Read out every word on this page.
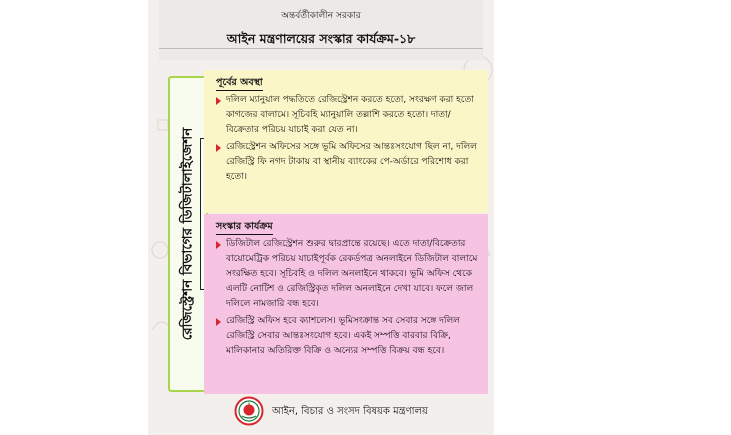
অন্তর্বর্তীকালীন সরকার
আইন মন্ত্রণালয়ের সংস্কার কার্যক্রম-১৮
রেজিস্ট্রেশন বিভাগের ডিজিটালাইজেশন
পূর্বের অবস্থা
দলিল ম্যানুয়াল পদ্ধতিতে রেজিস্ট্রেশন করতে হতো, সংরক্ষণ করা হতো কাগজের বালামে। সূচিবহি ম্যানুয়ালি তল্লাশি করতে হতো। দাতা/বিক্রেতার পরিচয় যাচাই করা যেত না।
রেজিস্ট্রেশন অফিসের সঙ্গে ভূমি অফিসের আন্তঃসংযোগ ছিল না, দলিল রেজিস্ট্রি ফি নগদ টাকায় বা স্থানীয় ব্যাংকের পে-অর্ডারে পরিশোধ করা হতো।
সংস্কার কার্যক্রম
ডিজিটাল রেজিস্ট্রেশন শুরুর দ্বারপ্রান্তে রয়েছে। এতে দাতা/বিক্রেতার বায়োমেট্রিক পরিচয় যাচাইপূর্বক রেকর্ডপত্র অনলাইনে ডিজিটাল বালামে সংরক্ষিত হবে। সূচিবহি ও দলিল অনলাইনে থাকবে। ভূমি অফিস থেকে এলটি নোটিশ ও রেজিস্ট্রিকৃত দলিল অনলাইনে দেখা যাবে। ফলে জাল দলিলে নামজারি বন্ধ হবে।
রেজিস্ট্রি অফিস হবে ক্যাশলেস। ভূমিসংক্রান্ত সব সেবার সঙ্গে দলিল রেজিস্ট্রি সেবার আন্তঃসংযোগ হবে। একই সম্পত্তি বারবার বিক্রি, মালিকানার অতিরিক্ত বিক্রি ও অন্যের সম্পত্তি বিক্রয় বন্ধ হবে।
আইন, বিচার ও সংসদ বিষয়ক মন্ত্রণালয়
